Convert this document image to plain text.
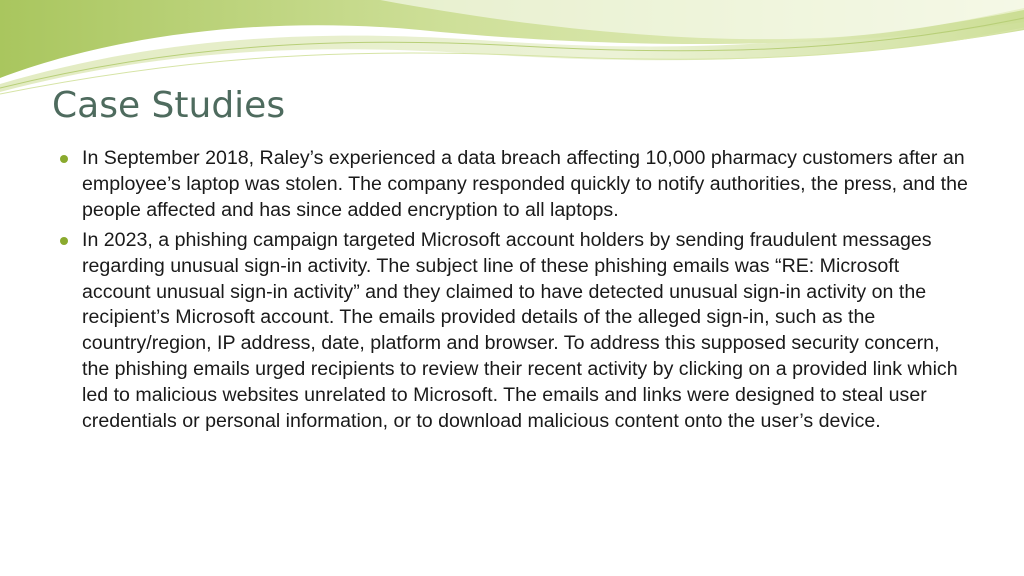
Case Studies
In September 2018, Raley’s experienced a data breach affecting 10,000 pharmacy customers after an employee’s laptop was stolen. The company responded quickly to notify authorities, the press, and the people affected and has since added encryption to all laptops.
In 2023, a phishing campaign targeted Microsoft account holders by sending fraudulent messages regarding unusual sign-in activity. The subject line of these phishing emails was “RE: Microsoft account unusual sign-in activity” and they claimed to have detected unusual sign-in activity on the recipient’s Microsoft account. The emails provided details of the alleged sign-in, such as the country/region, IP address, date, platform and browser. To address this supposed security concern, the phishing emails urged recipients to review their recent activity by clicking on a provided link which led to malicious websites unrelated to Microsoft. The emails and links were designed to steal user credentials or personal information, or to download malicious content onto the user’s device.
